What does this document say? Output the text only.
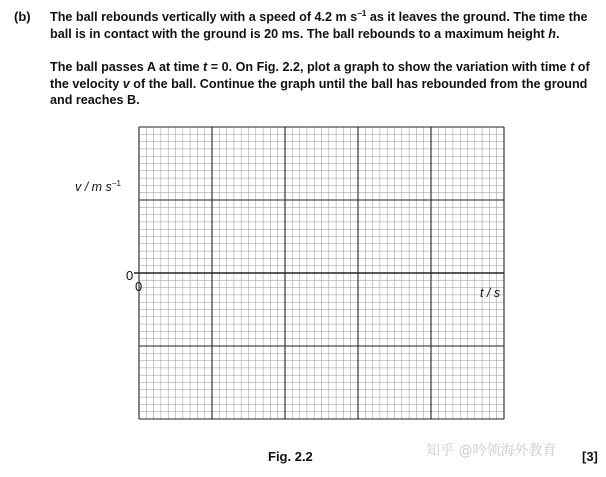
(b) The ball rebounds vertically with a speed of 4.2 m $s^{-1}$ as it leaves the ground. The time the ball is in contact with the ground is 20 ms. The ball rebounds to a maximum height h.

The ball passes A at time t = 0. On Fig. 2.2, plot a graph to show the variation with time t of the velocity v of the ball. Continue the graph until the ball has rebounded from the ground and reaches B.

v / m $s^{-1}$
t / s
0
0
Fig. 2.2	知乎 @吟领海外教育 [3]
